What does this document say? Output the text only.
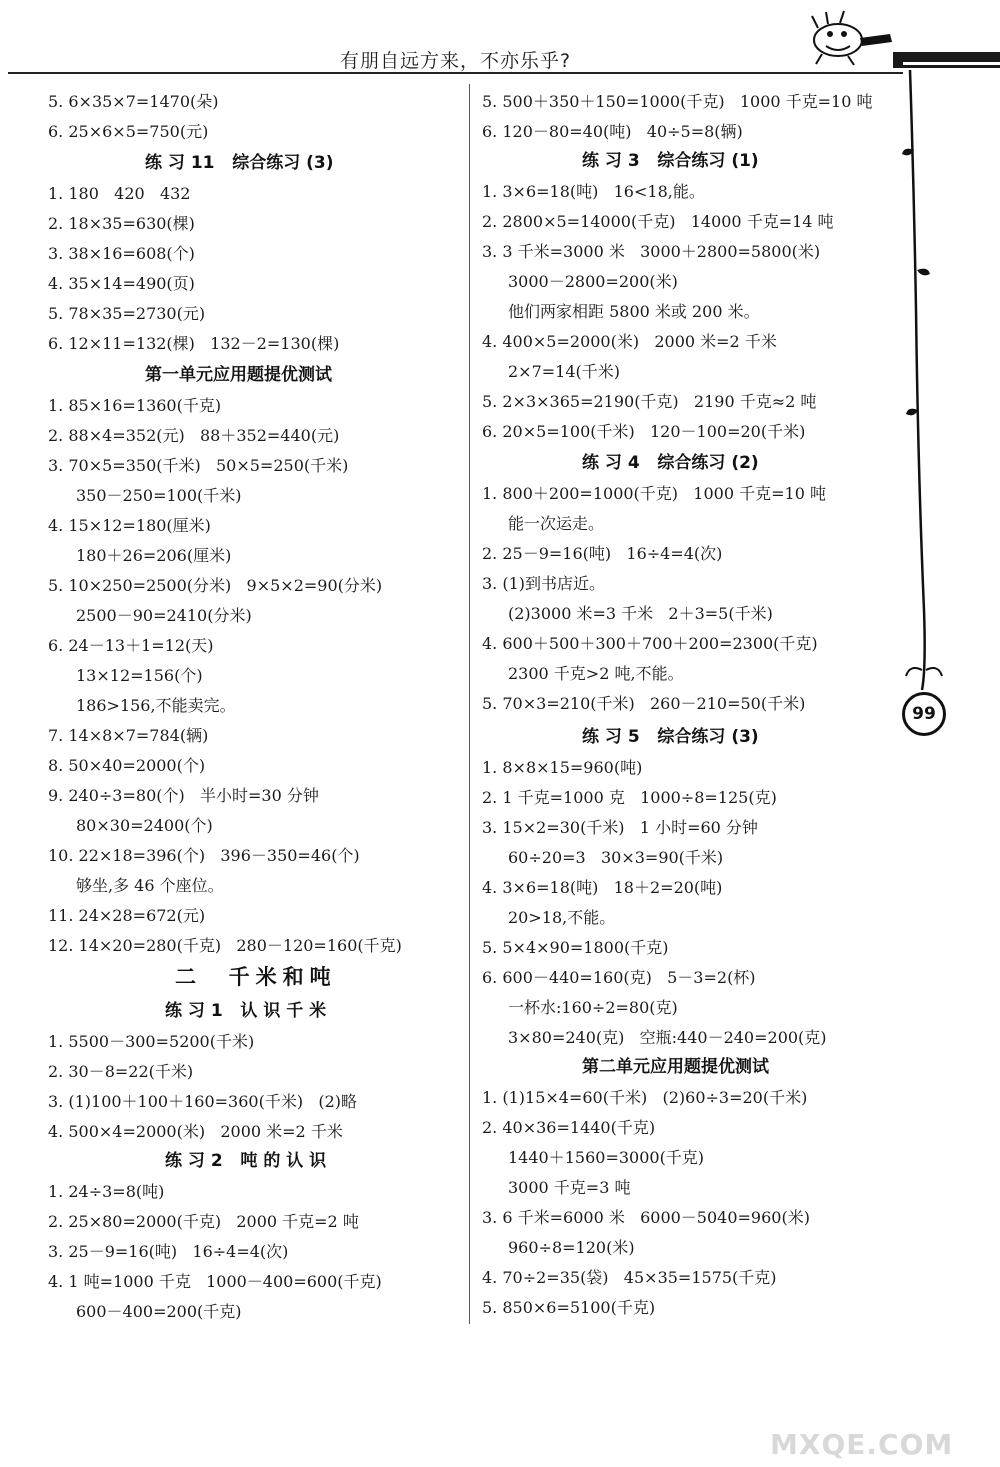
有朋自远方来，不亦乐乎?
99
5. 6×35×7=1470(朵)
6. 25×6×5=750(元)
练 习 11   综合练习 (3)
1. 180   420   432
2. 18×35=630(棵)
3. 38×16=608(个)
4. 35×14=490(页)
5. 78×35=2730(元)
6. 12×11=132(棵)   132－2=130(棵)
第一单元应用题提优测试
1. 85×16=1360(千克)
2. 88×4=352(元)   88＋352=440(元)
3. 70×5=350(千米)   50×5=250(千米)
350－250=100(千米)
4. 15×12=180(厘米)
180＋26=206(厘米)
5. 10×250=2500(分米)   9×5×2=90(分米)
2500－90=2410(分米)
6. 24－13＋1=12(天)
13×12=156(个)
186>156,不能卖完。
7. 14×8×7=784(辆)
8. 50×40=2000(个)
9. 240÷3=80(个)   半小时=30 分钟
80×30=2400(个)
10. 22×18=396(个)   396－350=46(个)
够坐,多 46 个座位。
11. 24×28=672(元)
12. 14×20=280(千克)   280－120=160(千克)
二  千米和吨
练 习 1   认 识 千 米
1. 5500－300=5200(千米)
2. 30－8=22(千米)
3. (1)100＋100＋160=360(千米)   (2)略
4. 500×4=2000(米)   2000 米=2 千米
练 习 2   吨 的 认 识
1. 24÷3=8(吨)
2. 25×80=2000(千克)   2000 千克=2 吨
3. 25－9=16(吨)   16÷4=4(次)
4. 1 吨=1000 千克   1000－400=600(千克)
600－400=200(千克)
5. 500＋350＋150=1000(千克)   1000 千克=10 吨
6. 120－80=40(吨)   40÷5=8(辆)
练 习 3   综合练习 (1)
1. 3×6=18(吨)   16<18,能。
2. 2800×5=14000(千克)   14000 千克=14 吨
3. 3 千米=3000 米   3000＋2800=5800(米)
3000－2800=200(米)
他们两家相距 5800 米或 200 米。
4. 400×5=2000(米)   2000 米=2 千米
2×7=14(千米)
5. 2×3×365=2190(千克)   2190 千克≈2 吨
6. 20×5=100(千米)   120－100=20(千米)
练 习 4   综合练习 (2)
1. 800＋200=1000(千克)   1000 千克=10 吨
能一次运走。
2. 25－9=16(吨)   16÷4=4(次)
3. (1)到书店近。
(2)3000 米=3 千米   2＋3=5(千米)
4. 600＋500＋300＋700＋200=2300(千克)
2300 千克>2 吨,不能。
5. 70×3=210(千米)   260－210=50(千米)
练 习 5   综合练习 (3)
1. 8×8×15=960(吨)
2. 1 千克=1000 克   1000÷8=125(克)
3. 15×2=30(千米)   1 小时=60 分钟
60÷20=3   30×3=90(千米)
4. 3×6=18(吨)   18＋2=20(吨)
20>18,不能。
5. 5×4×90=1800(千克)
6. 600－440=160(克)   5－3=2(杯)
一杯水:160÷2=80(克)
3×80=240(克)   空瓶:440－240=200(克)
第二单元应用题提优测试
1. (1)15×4=60(千米)   (2)60÷3=20(千米)
2. 40×36=1440(千克)
1440＋1560=3000(千克)
3000 千克=3 吨
3. 6 千米=6000 米   6000－5040=960(米)
960÷8=120(米)
4. 70÷2=35(袋)   45×35=1575(千克)
5. 850×6=5100(千克)
MXQE.COM
